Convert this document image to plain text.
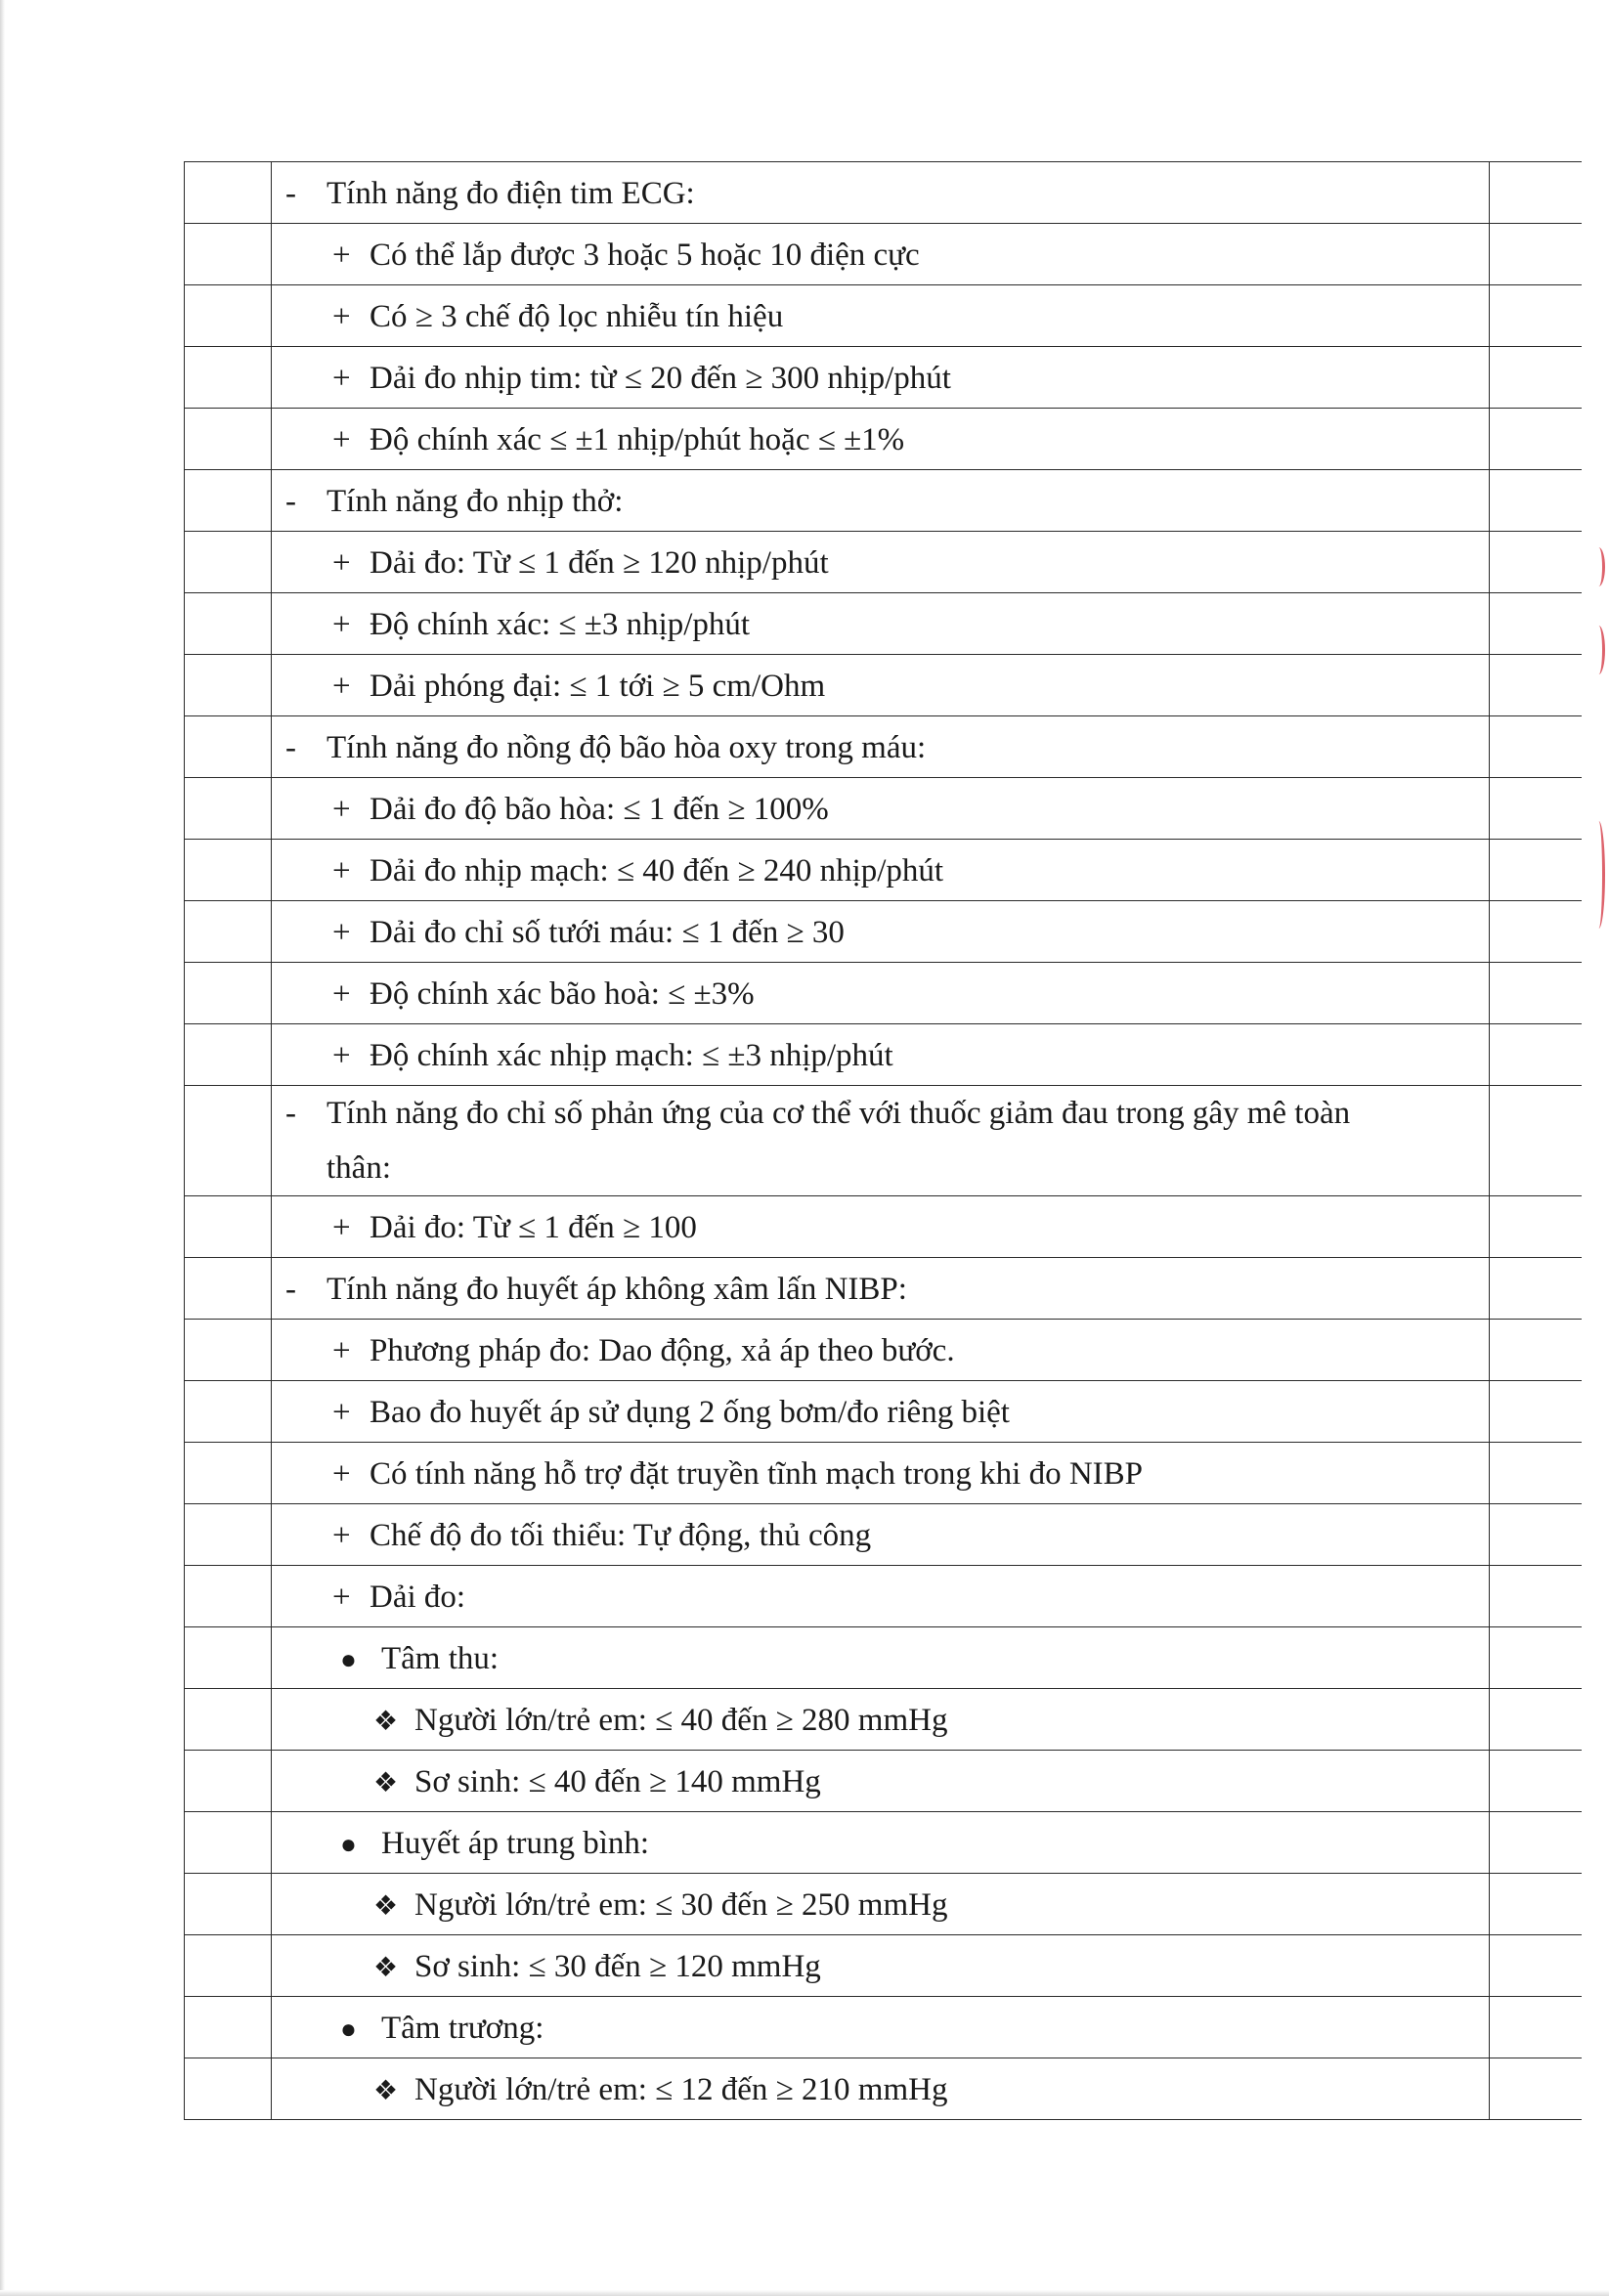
	- Tính năng đo điện tim ECG:	

	+ Có thể lắp được 3 hoặc 5 hoặc 10 điện cực	

	+ Có ≥ 3 chế độ lọc nhiễu tín hiệu	

	+ Dải đo nhịp tim: từ ≤ 20 đến ≥ 300 nhịp/phút	

	+ Độ chính xác ≤ ±1 nhịp/phút hoặc ≤ ±1%	

	- Tính năng đo nhịp thở:	

	+ Dải đo: Từ ≤ 1 đến ≥ 120 nhịp/phút	

	+ Độ chính xác: ≤ ±3 nhịp/phút	

	+ Dải phóng đại: ≤ 1 tới ≥ 5 cm/Ohm	

	- Tính năng đo nồng độ bão hòa oxy trong máu:	

	+ Dải đo độ bão hòa: ≤ 1 đến ≥ 100%	

	+ Dải đo nhịp mạch: ≤ 40 đến ≥ 240 nhịp/phút	

	+ Dải đo chỉ số tưới máu: ≤ 1 đến ≥ 30	

	+ Độ chính xác bão hoà: ≤ ±3%	

	+ Độ chính xác nhịp mạch: ≤ ±3 nhịp/phút	

	- Tính năng đo chỉ số phản ứng của cơ thể với thuốc giảm đau trong gây mê toàn
thân:	

	+ Dải đo: Từ ≤ 1 đến ≥ 100	

	- Tính năng đo huyết áp không xâm lấn NIBP:	

	+ Phương pháp đo: Dao động, xả áp theo bước.	

	+ Bao đo huyết áp sử dụng 2 ống bơm/đo riêng biệt	

	+ Có tính năng hỗ trợ đặt truyền tĩnh mạch trong khi đo NIBP	

	+ Chế độ đo tối thiểu: Tự động, thủ công	

	+ Dải đo:	

	● Tâm thu:	

	❖ Người lớn/trẻ em: ≤ 40 đến ≥ 280 mmHg	

	❖ Sơ sinh: ≤ 40 đến ≥ 140 mmHg	

	● Huyết áp trung bình:	

	❖ Người lớn/trẻ em: ≤ 30 đến ≥ 250 mmHg	

	❖ Sơ sinh: ≤ 30 đến ≥ 120 mmHg	

	● Tâm trương:	

	❖ Người lớn/trẻ em: ≤ 12 đến ≥ 210 mmHg	
